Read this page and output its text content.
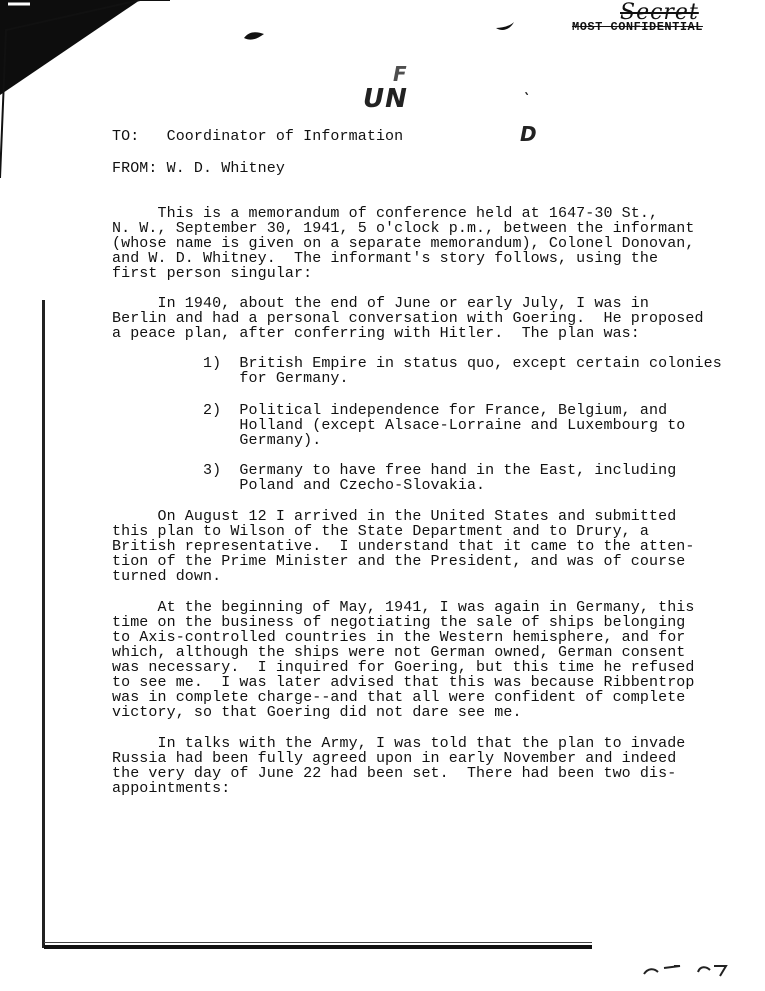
Secret
MOST CONFIDENTIAL
F
UN	`
D
TO:   Coordinator of Information
FROM: W. D. Whitney
This is a memorandum of conference held at 1647-30 St.,
N. W., September 30, 1941, 5 o'clock p.m., between the informant
(whose name is given on a separate memorandum), Colonel Donovan,
and W. D. Whitney.  The informant's story follows, using the
first person singular:
In 1940, about the end of June or early July, I was in
Berlin and had a personal conversation with Goering.  He proposed
a peace plan, after conferring with Hitler.  The plan was:
1)  British Empire in status quo, except certain colonies
for Germany.
2)  Political independence for France, Belgium, and
Holland (except Alsace-Lorraine and Luxembourg to
Germany).
3)  Germany to have free hand in the East, including
Poland and Czecho-Slovakia.
On August 12 I arrived in the United States and submitted
this plan to Wilson of the State Department and to Drury, a
British representative.  I understand that it came to the atten-
tion of the Prime Minister and the President, and was of course
turned down.
At the beginning of May, 1941, I was again in Germany, this
time on the business of negotiating the sale of ships belonging
to Axis-controlled countries in the Western hemisphere, and for
which, although the ships were not German owned, German consent
was necessary.  I inquired for Goering, but this time he refused
to see me.  I was later advised that this was because Ribbentrop
was in complete charge--and that all were confident of complete
victory, so that Goering did not dare see me.
In talks with the Army, I was told that the plan to invade
Russia had been fully agreed upon in early November and indeed
the very day of June 22 had been set.  There had been two dis-
appointments:
